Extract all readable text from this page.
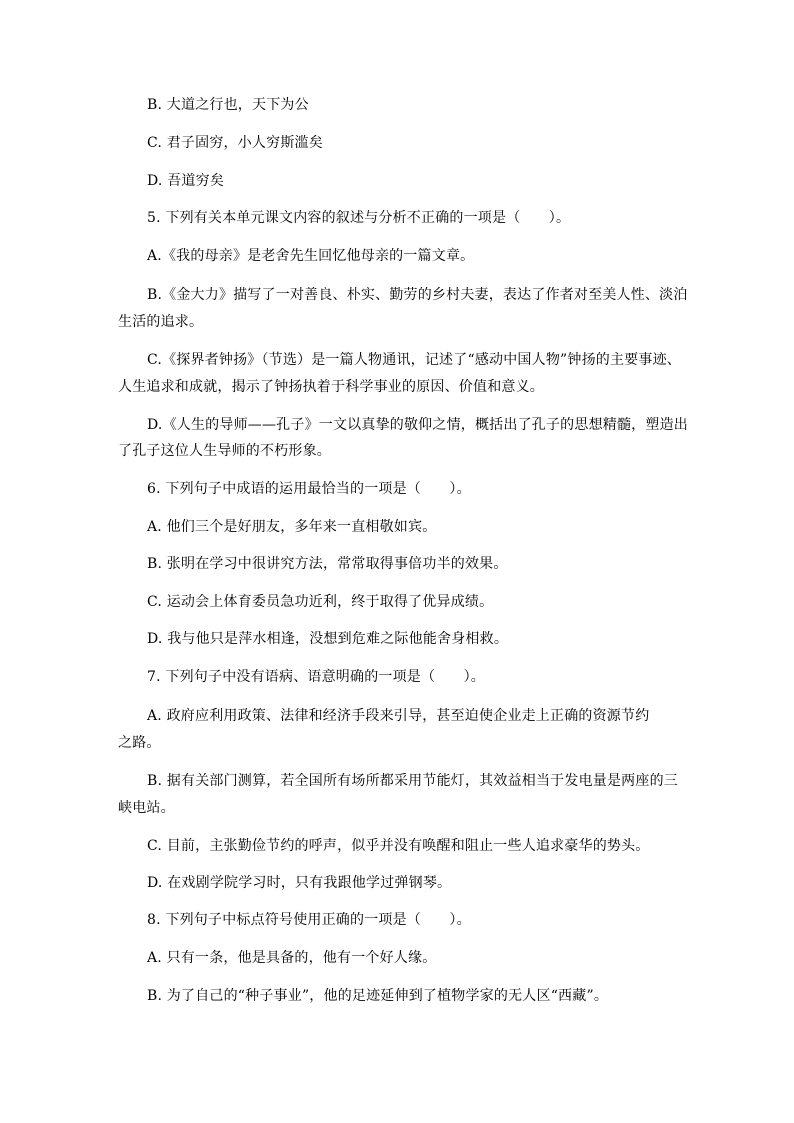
B. 大道之行也，天下为公
C. 君子固穷，小人穷斯滥矣
D. 吾道穷矣
5. 下列有关本单元课文内容的叙述与分析不正确的一项是（　　）。
A.《我的母亲》是老舍先生回忆他母亲的一篇文章。
B.《金大力》描写了一对善良、朴实、勤劳的乡村夫妻，表达了作者对至美人性、淡泊
生活的追求。
C.《探界者钟扬》（节选）是一篇人物通讯，记述了“感动中国人物”钟扬的主要事迹、
人生追求和成就，揭示了钟扬执着于科学事业的原因、价值和意义。
D.《人生的导师——孔子》一文以真挚的敬仰之情，概括出了孔子的思想精髓，塑造出
了孔子这位人生导师的不朽形象。
6. 下列句子中成语的运用最恰当的一项是（　　）。
A. 他们三个是好朋友，多年来一直相敬如宾。
B. 张明在学习中很讲究方法，常常取得事倍功半的效果。
C. 运动会上体育委员急功近利，终于取得了优异成绩。
D. 我与他只是萍水相逢，没想到危难之际他能舍身相救。
7. 下列句子中没有语病、语意明确的一项是（　　）。
A. 政府应利用政策、法律和经济手段来引导，甚至迫使企业走上正确的资源节约
之路。
B. 据有关部门测算，若全国所有场所都采用节能灯，其效益相当于发电量是两座的三
峡电站。
C. 目前，主张勤俭节约的呼声，似乎并没有唤醒和阻止一些人追求豪华的势头。
D. 在戏剧学院学习时，只有我跟他学过弹钢琴。
8. 下列句子中标点符号使用正确的一项是（　　）。
A. 只有一条，他是具备的，他有一个好人缘。
B. 为了自己的“种子事业”，他的足迹延伸到了植物学家的无人区“西藏”。
